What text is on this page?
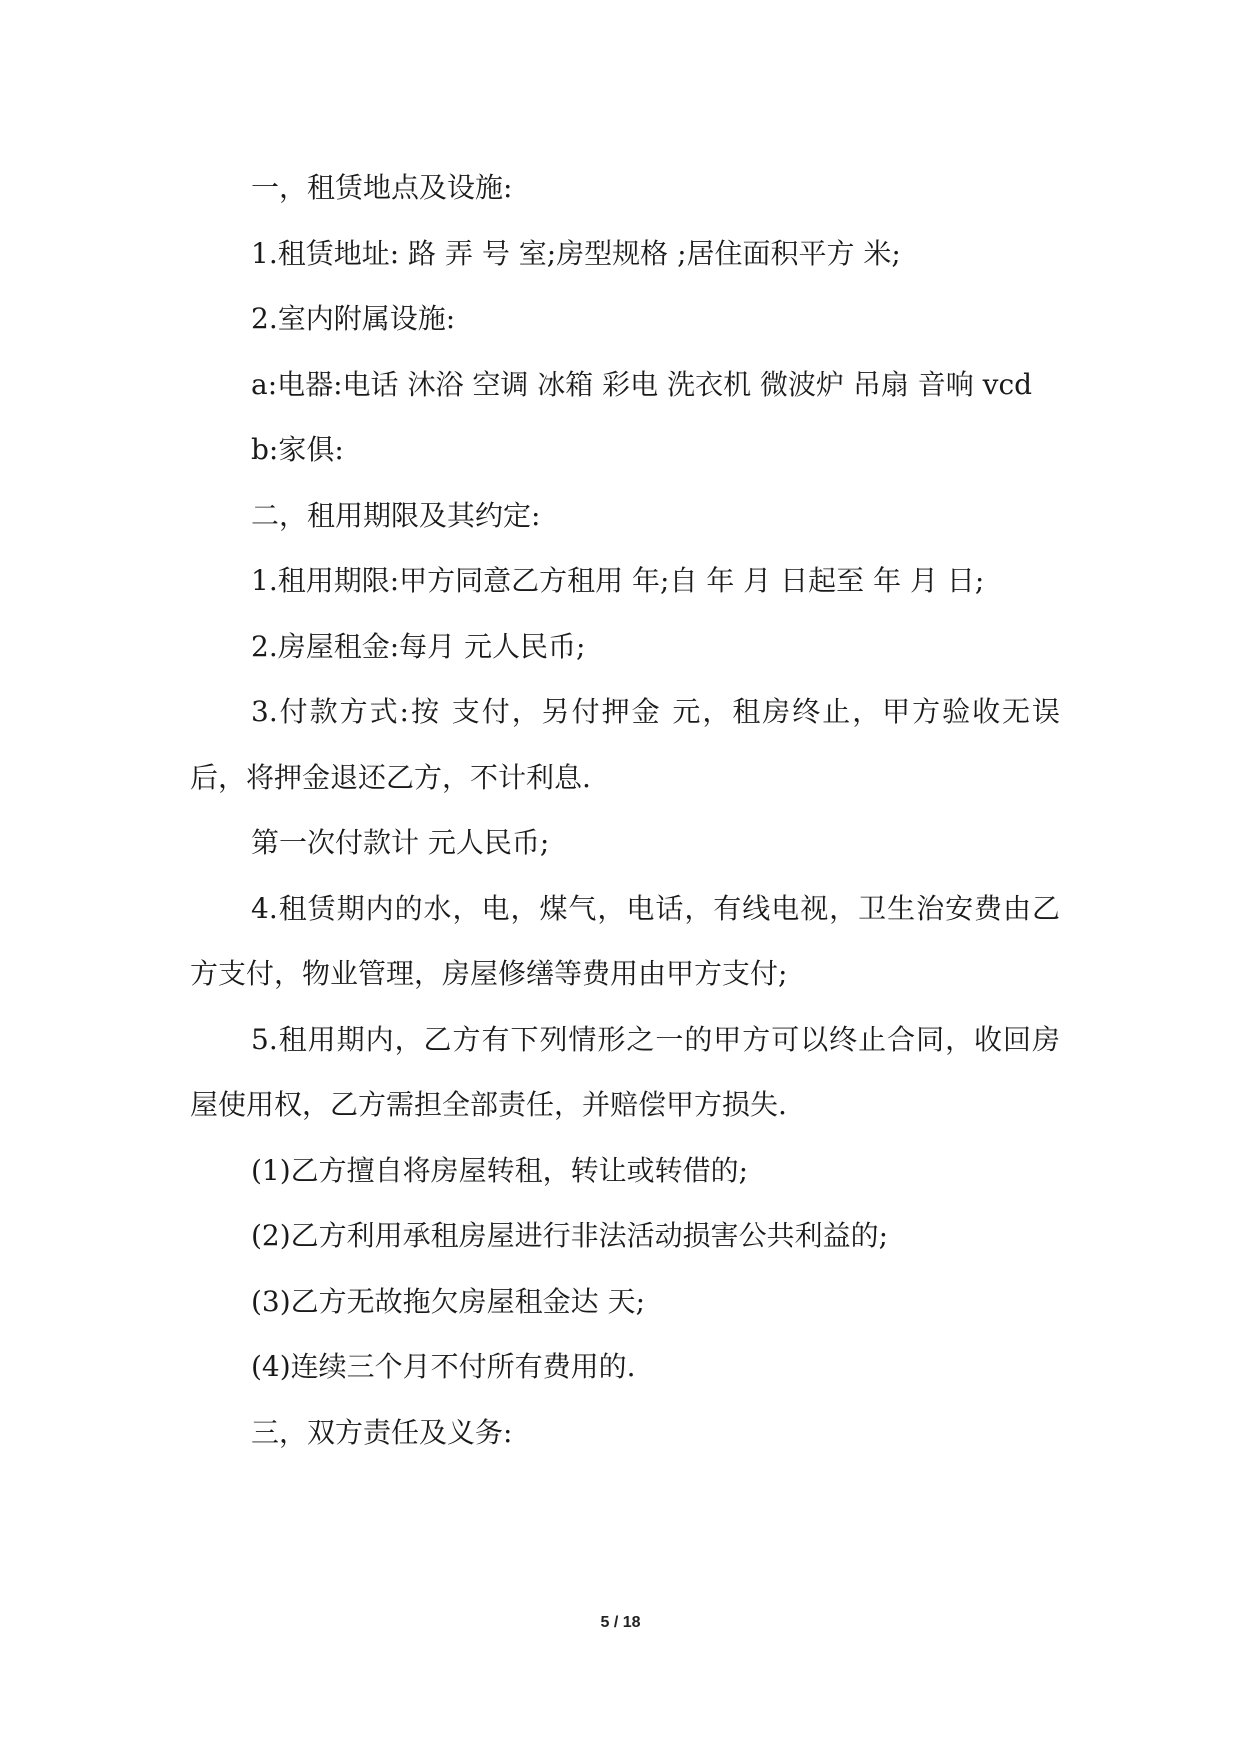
一，租赁地点及设施:

1.租赁地址: 路 弄 号 室;房型规格 ;居住面积平方 米;

2.室内附属设施:

a:电器:电话 沐浴 空调 冰箱 彩电 洗衣机 微波炉 吊扇 音响 vcd

b:家俱:

二，租用期限及其约定:

1.租用期限:甲方同意乙方租用 年;自 年 月 日起至 年 月 日;

2.房屋租金:每月 元人民币;

3.付款方式:按 支付，另付押金 元，租房终止，甲方验收无误后，将押金退还乙方，不计利息.

第一次付款计 元人民币;

4.租赁期内的水，电，煤气，电话，有线电视，卫生治安费由乙方支付，物业管理，房屋修缮等费用由甲方支付;

5.租用期内，乙方有下列情形之一的甲方可以终止合同，收回房屋使用权，乙方需担全部责任，并赔偿甲方损失.

(1)乙方擅自将房屋转租，转让或转借的;

(2)乙方利用承租房屋进行非法活动损害公共利益的;

(3)乙方无故拖欠房屋租金达 天;

(4)连续三个月不付所有费用的.

三，双方责任及义务:

5 / 18
